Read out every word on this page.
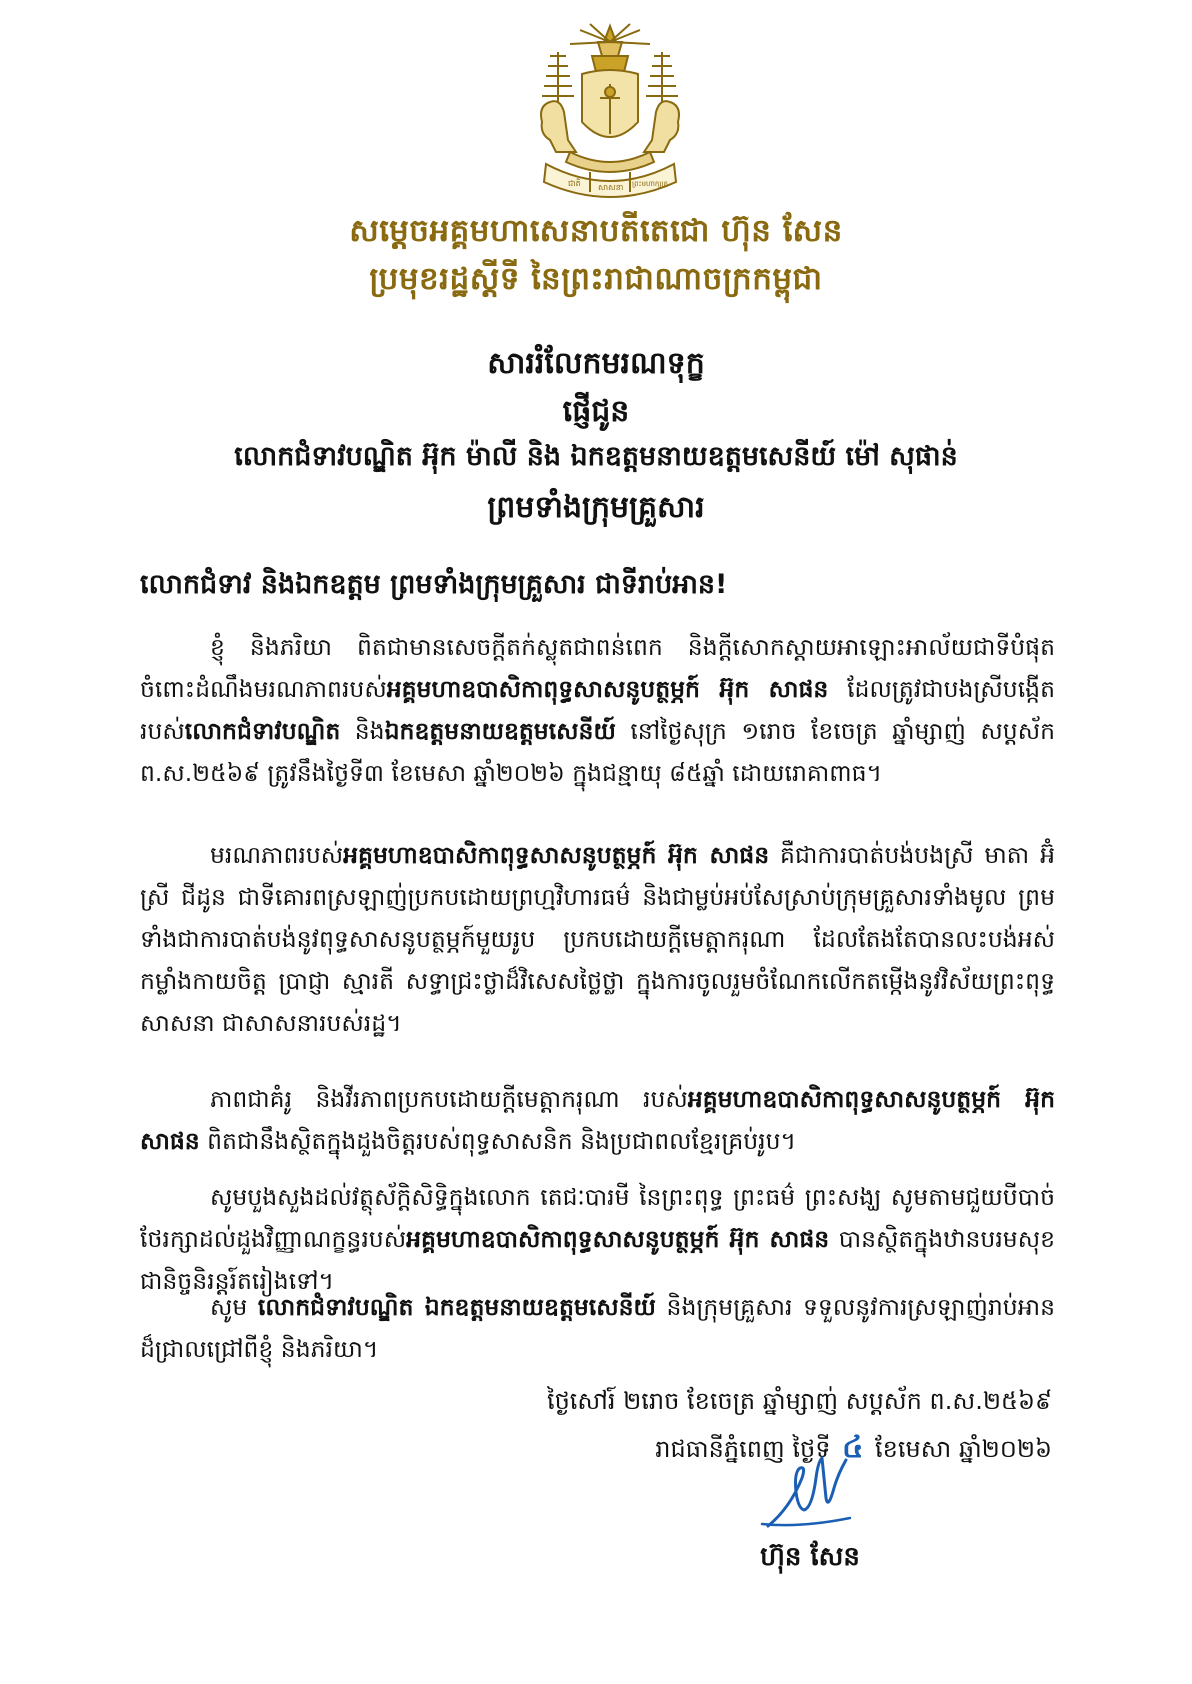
ជាតិ សាសនា ព្រះមហាក្សត្រ
សម្តេចអគ្គមហាសេនាបតីតេជោ ហ៊ុន សែន
ប្រមុខរដ្ឋស្តីទី នៃព្រះរាជាណាចក្រកម្ពុជា
សាររំលែកមរណទុក្ខ
ផ្ញើជូន
លោកជំទាវបណ្ឌិត អ៊ុក ម៉ាលី និង ឯកឧត្តមនាយឧត្តមសេនីយ៍ ម៉ៅ សុផាន់
ព្រមទាំងក្រុមគ្រួសារ
លោកជំទាវ និងឯកឧត្តម ព្រមទាំងក្រុមគ្រួសារ ជាទីរាប់អាន!

ខ្ញុំ និងភរិយា ពិតជាមានសេចក្តីតក់ស្លុតជាពន់ពេក និងក្តីសោកស្តាយអាឡោះអាល័យជាទីបំផុត ចំពោះដំណឹងមរណភាពរបស់អគ្គមហាឧបាសិកាពុទ្ធសាសនូបត្ថម្ភក៍ អ៊ុក សាផន ដែលត្រូវជាបងស្រីបង្កើតរបស់លោកជំទាវបណ្ឌិត និងឯកឧត្តមនាយឧត្តមសេនីយ៍ នៅថ្ងៃសុក្រ ១រោច ខែចេត្រ ឆ្នាំម្សាញ់ សប្តស័ក ព.ស.២៥៦៩ ត្រូវនឹងថ្ងៃទី៣ ខែមេសា ឆ្នាំ២០២៦ ក្នុងជន្មាយុ ៨៥ឆ្នាំ ដោយរោគាពាធ។

មរណភាពរបស់អគ្គមហាឧបាសិកាពុទ្ធសាសនូបត្ថម្ភក៍ អ៊ុក សាផន គឺជាការបាត់បង់បងស្រី មាតា អ៊ំស្រី ជីដូន ជាទីគោរពស្រឡាញ់ប្រកបដោយព្រហ្មវិហារធម៌ និងជាម្លប់អប់សែស្រាប់ក្រុមគ្រួសារទាំងមូល ព្រមទាំងជាការបាត់បង់នូវពុទ្ធសាសនូបត្ថម្ភក៍មួយរូប ប្រកបដោយក្តីមេត្តាករុណា ដែលតែងតែបានលះបង់អស់កម្លាំងកាយចិត្ត ប្រាជ្ញា ស្មារតី សទ្ធាជ្រះថ្លាដ៏វិសេសថ្លៃថ្លា ក្នុងការចូលរួមចំណែកលើកតម្កើងនូវវិស័យព្រះពុទ្ធសាសនា ជាសាសនារបស់រដ្ឋ។

ភាពជាគំរូ និងវីរភាពប្រកបដោយក្តីមេត្តាករុណា របស់អគ្គមហាឧបាសិកាពុទ្ធសាសនូបត្ថម្ភក៍ អ៊ុក សាផន ពិតជានឹងស្ថិតក្នុងដួងចិត្តរបស់ពុទ្ធសាសនិក និងប្រជាពលខ្មែរគ្រប់រូប។

សូមបួងសួងដល់វត្ថុស័ក្តិសិទ្ធិក្នុងលោក តេជៈបារមី នៃព្រះពុទ្ធ ព្រះធម៌ ព្រះសង្ឃ សូមតាមជួយបីបាច់ថែរក្សាដល់ដួងវិញ្ញាណក្ខន្ធរបស់អគ្គមហាឧបាសិកាពុទ្ធសាសនូបត្ថម្ភក៍ អ៊ុក សាផន បានស្ថិតក្នុងឋានបរមសុខជានិច្ចនិរន្តរ៍តរៀងទៅ។

សូម លោកជំទាវបណ្ឌិត ឯកឧត្តមនាយឧត្តមសេនីយ៍ និងក្រុមគ្រួសារ ទទួលនូវការស្រឡាញ់រាប់អានដ៏ជ្រាលជ្រៅពីខ្ញុំ និងភរិយា។

ថ្ងៃសៅរ៍ ២រោច ខែចេត្រ ឆ្នាំម្សាញ់ សប្តស័ក ព.ស.២៥៦៩
រាជធានីភ្នំពេញ ថ្ងៃទី ៤ ខែមេសា ឆ្នាំ២០២៦
ហ៊ុន សែន
